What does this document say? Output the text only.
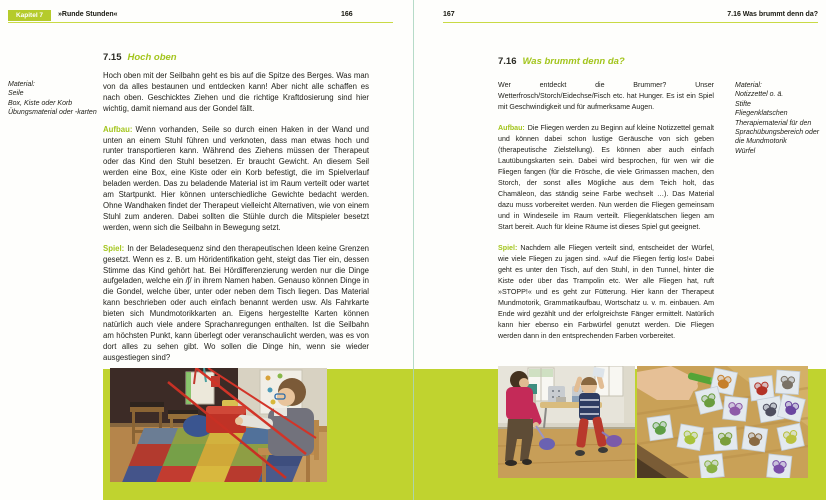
Kapitel 7	»Runde Stunden«	166	167	7.16 Was brummt denn da?
7.15 Hoch oben
Material:
Seile
Box, Kiste oder Korb
Übungsmaterial oder -karten

Hoch oben mit der Seilbahn geht es bis auf die Spitze des Berges. Was man von da alles bestaunen und entdecken kann! Aber nicht alle schaffen es nach oben. Geschicktes Ziehen und die richtige Kraftdosierung sind hier wichtig, damit niemand aus der Gondel fällt.

Aufbau: Wenn vorhanden, Seile so durch einen Haken in der Wand und unten an einem Stuhl führen und verknoten, dass man etwas hoch und runter transportieren kann. Während des Ziehens müssen der Therapeut oder das Kind den Stuhl besetzen. Er braucht Gewicht. An diesem Seil werden eine Box, eine Kiste oder ein Korb befestigt, die im Spielverlauf beladen werden. Das zu beladende Material ist im Raum verteilt oder wartet am Startpunkt. Hier können unterschiedliche Gewichte bedacht werden. Ohne Wandhaken findet der Therapeut vielleicht Alternativen, wie von einem Stuhl zum anderen. Dabei sollten die Stühle durch die Mitspieler besetzt werden, wenn sich die Seilbahn in Bewegung setzt.

Spiel: In der Beladesequenz sind den therapeutischen Ideen keine Grenzen gesetzt. Wenn es z. B. um Höridentifikation geht, steigt das Tier ein, dessen Stimme das Kind gehört hat. Bei Hördifferenzierung werden nur die Dinge aufgeladen, welche ein /ʃ/ in ihrem Namen haben. Genauso können Dinge in die Gondel, welche über, unter oder neben dem Tisch liegen. Das Material kann beschrieben oder auch einfach benannt werden usw. Als Fahrkarte bieten sich Mundmotorikkarten an. Eigens hergestellte Karten können natürlich auch viele andere Sprachanregungen enthalten. Ist die Seilbahn am höchsten Punkt, kann überlegt oder veranschaulicht werden, was es von dort alles zu sehen gibt. Wo sollen die Dinge hin, wenn sie wieder ausgestiegen sind?

7.16 Was brummt denn da?
Material:
Notizzettel o. ä.
Stifte
Fliegenklatschen
Therapiematerial für den Sprachübungsbereich oder die Mundmotorik
Würfel

Wer entdeckt die Brummer? Unser Wetterfrosch/Storch/Eidechse/Fisch etc. hat Hunger. Es ist ein Spiel mit Geschwindigkeit und für aufmerksame Augen.

Aufbau: Die Fliegen werden zu Beginn auf kleine Notizzettel gemalt und können dabei schon lustige Geräusche von sich geben (therapeutische Zielstellung). Es können aber auch einfach Lautübungskarten sein. Dabei wird besprochen, für wen wir die Fliegen fangen (für die Frösche, die viele Grimassen machen, den Storch, der sonst alles Mögliche aus dem Teich holt, das Chamäleon, das ständig seine Farbe wechselt …). Das Material dazu muss vorbereitet werden. Nun werden die Fliegen gemeinsam und in Windeseile im Raum verteilt. Fliegenklatschen liegen am Start bereit. Auch für kleine Räume ist dieses Spiel gut geeignet.

Spiel: Nachdem alle Fliegen verteilt sind, entscheidet der Würfel, wie viele Fliegen zu jagen sind. »Auf die Fliegen fertig los!« Dabei geht es unter den Tisch, auf den Stuhl, in den Tunnel, hinter die Kiste oder über das Trampolin etc. Wer alle Fliegen hat, ruft »STOPP!« und es geht zur Fütterung. Hier kann der Therapeut Mundmotorik, Grammatikaufbau, Wortschatz u. v. m. einbauen. Am Ende wird gezählt und der erfolgreichste Fänger ermittelt. Natürlich kann hier ebenso ein Farbwürfel genutzt werden. Die Fliegen werden dann in den entsprechenden Farben vorbereitet.
